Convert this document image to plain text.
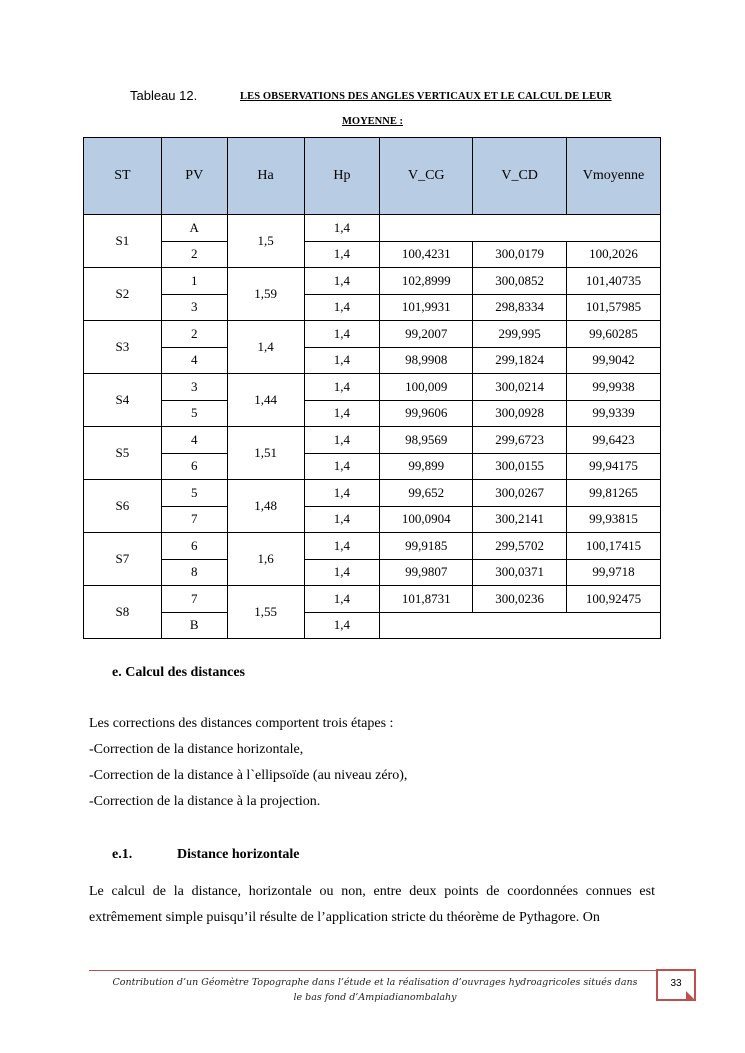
Tableau 12.	LES OBSERVATIONS DES ANGLES VERTICAUX ET LE CALCUL DE LEUR
MOYENNE :
ST	PV	Ha	Hp	V_CG	V_CD	Vmoyenne
S1	A	1,5	1,4			
	2		1,4	100,4231	300,0179	100,2026
S2	1	1,59	1,4	102,8999	300,0852	101,40735
	3		1,4	101,9931	298,8334	101,57985
S3	2	1,4	1,4	99,2007	299,995	99,60285
	4		1,4	98,9908	299,1824	99,9042
S4	3	1,44	1,4	100,009	300,0214	99,9938
	5		1,4	99,9606	300,0928	99,9339
S5	4	1,51	1,4	98,9569	299,6723	99,6423
	6		1,4	99,899	300,0155	99,94175
S6	5	1,48	1,4	99,652	300,0267	99,81265
	7		1,4	100,0904	300,2141	99,93815
S7	6	1,6	1,4	99,9185	299,5702	100,17415
	8		1,4	99,9807	300,0371	99,9718
S8	7	1,55	1,4	101,8731	300,0236	100,92475
	B		1,4			
e. Calcul des distances
Les corrections des distances comportent trois étapes :
-Correction de la distance horizontale,
-Correction de la distance à l`ellipsoïde (au niveau zéro),
-Correction de la distance à la projection.
e.1.	Distance horizontale
Le calcul de la distance, horizontale ou non, entre deux points de coordonnées connues est extrêmement simple puisqu’il résulte de l’application stricte du théorème de Pythagore. On
Contribution d’un Géomètre Topographe dans l’étude et la réalisation d’ouvrages hydroagricoles situés dans le bas fond d’Ampiadianombalahy
33
